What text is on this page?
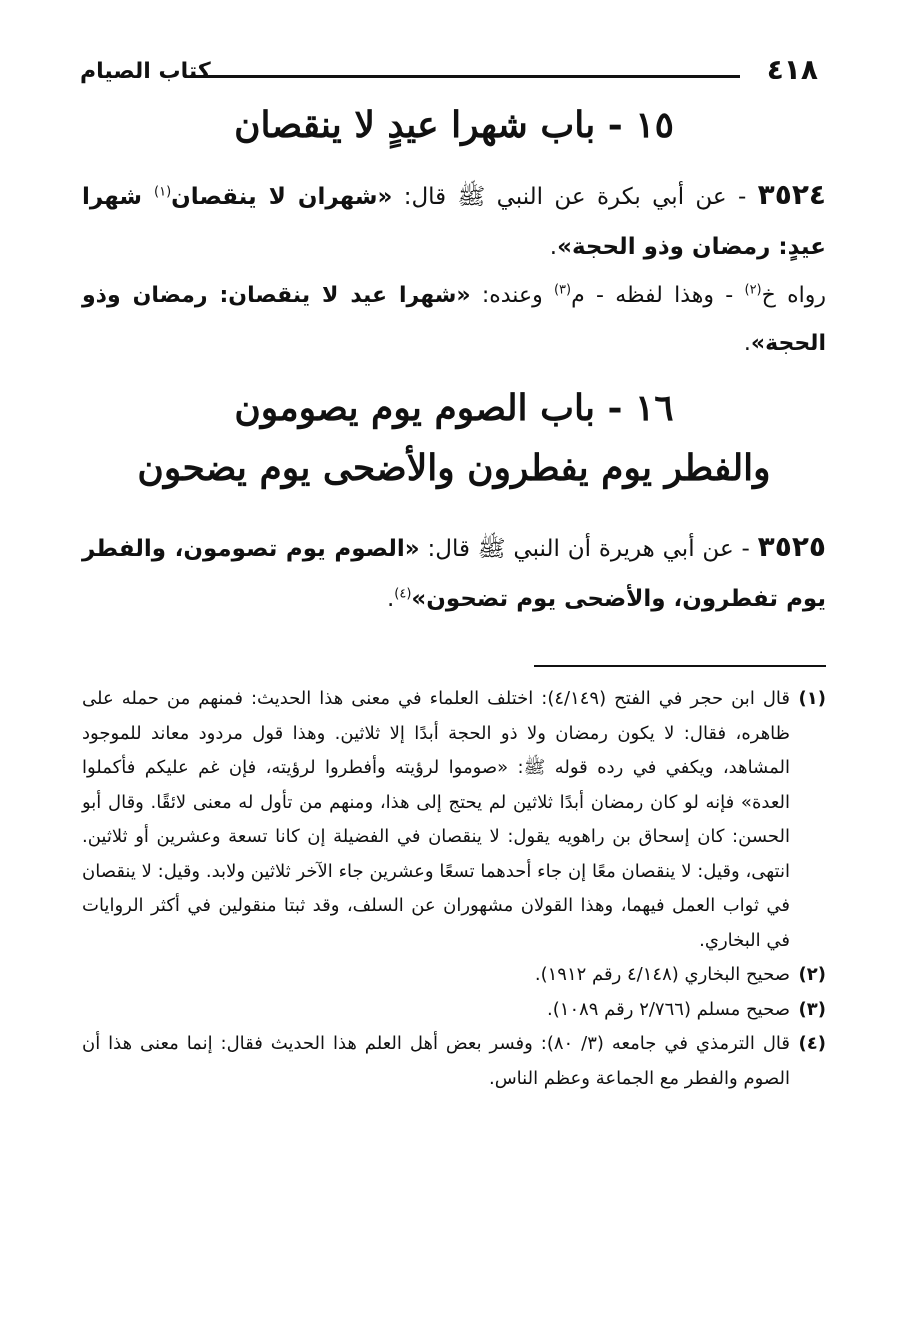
٤١٨
كتاب الصيام
١٥ - باب شهرا عيدٍ لا ينقصان
٣٥٢٤ - عن أبي بكرة عن النبي ﷺ قال: «شهران لا ينقصان$^{(١)}$ شهرا عيدٍ: رمضان وذو الحجة».
رواه خ$^{(٢)}$ - وهذا لفظه - م$^{(٣)}$ وعنده: «شهرا عيد لا ينقصان: رمضان وذو الحجة».
١٦ - باب الصوم يوم يصومون
والفطر يوم يفطرون والأضحى يوم يضحون
٣٥٢٥ - عن أبي هريرة أن النبي ﷺ قال: «الصوم يوم تصومون، والفطر يوم تفطرون، والأضحى يوم تضحون»$^{(٤)}$.
(١)
قال ابن حجر في الفتح (٤/١٤٩): اختلف العلماء في معنى هذا الحديث: فمنهم من حمله على ظاهره، فقال: لا يكون رمضان ولا ذو الحجة أبدًا إلا ثلاثين. وهذا قول مردود معاند للموجود المشاهد، ويكفي في رده قوله ﷺ: «صوموا لرؤيته وأفطروا لرؤيته، فإن غم عليكم فأكملوا العدة» فإنه لو كان رمضان أبدًا ثلاثين لم يحتج إلى هذا، ومنهم من تأول له معنى لائقًا. وقال أبو الحسن: كان إسحاق بن راهويه يقول: لا ينقصان في الفضيلة إن كانا تسعة وعشرين أو ثلاثين. انتهى، وقيل: لا ينقصان معًا إن جاء أحدهما تسعًا وعشرين جاء الآخر ثلاثين ولابد. وقيل: لا ينقصان في ثواب العمل فيهما، وهذا القولان مشهوران عن السلف، وقد ثبتا منقولين في أكثر الروايات في البخاري.
(٢)
صحيح البخاري (٤/١٤٨ رقم ١٩١٢).
(٣)
صحيح مسلم (٢/٧٦٦ رقم ١٠٨٩).
(٤)
قال الترمذي في جامعه (٣/ ٨٠): وفسر بعض أهل العلم هذا الحديث فقال: إنما معنى هذا أن الصوم والفطر مع الجماعة وعظم الناس.
